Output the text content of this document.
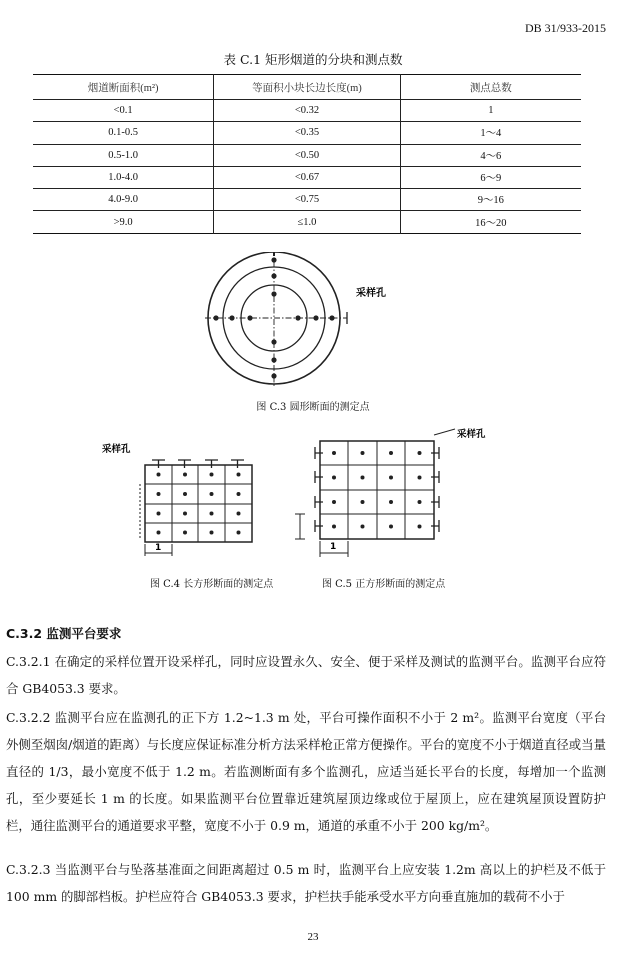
DB 31/933-2015
表 C.1 矩形烟道的分块和测点数
烟道断面积(m²)	等面积小块长边长度(m)	测点总数
<0.1	<0.32	1
0.1-0.5	<0.35	1～4
0.5-1.0	<0.50	4～6
1.0-4.0	<0.67	6～9
4.0-9.0	<0.75	9～16
>9.0	≤1.0	16～20
采样孔
图 C.3 圆形断面的测定点
采样孔
1
采样孔
1
图 C.4 长方形断面的测定点	图 C.5 正方形断面的测定点
C.3.2 监测平台要求
C.3.2.1 在确定的采样位置开设采样孔，同时应设置永久、安全、便于采样及测试的监测平台。监测平台应符合 GB4053.3 要求。
C.3.2.2 监测平台应在监测孔的正下方 1.2~1.3 m 处，平台可操作面积不小于 2 m²。监测平台宽度（平台外侧至烟囱/烟道的距离）与长度应保证标准分析方法采样枪正常方便操作。平台的宽度不小于烟道直径或当量直径的 1/3，最小宽度不低于 1.2 m。若监测断面有多个监测孔，应适当延长平台的长度，每增加一个监测孔，至少要延长 1 m 的长度。如果监测平台位置靠近建筑屋顶边缘或位于屋顶上，应在建筑屋顶设置防护栏，通往监测平台的通道要求平整，宽度不小于 0.9 m，通道的承重不小于 200 kg/m²。
C.3.2.3 当监测平台与坠落基准面之间距离超过 0.5 m 时，监测平台上应安装 1.2m 高以上的护栏及不低于 100 mm 的脚部档板。护栏应符合 GB4053.3 要求，护栏扶手能承受水平方向垂直施加的载荷不小于
23
